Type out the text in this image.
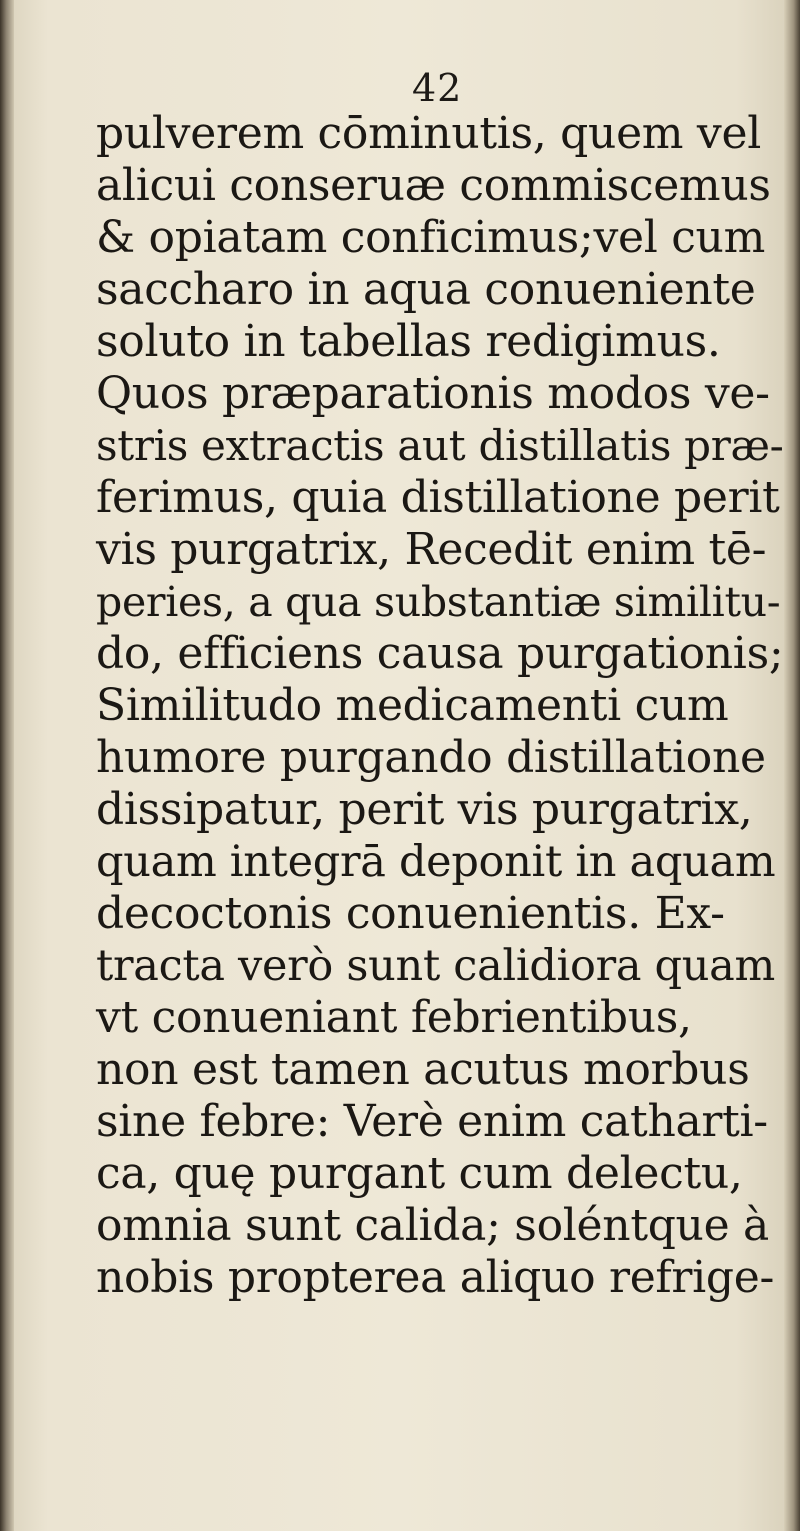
42
pulverem cōminutis, quem vel
alicui conseruæ commiscemus
& opiatam conficimus;vel cum
saccharo in aqua conueniente
soluto in tabellas redigimus.
Quos præparationis modos ve-
stris extractis aut distillatis præ-
ferimus, quia distillatione perit
vis purgatrix, Recedit enim tē-
peries, a qua substantiæ similitu-
do, efficiens causa purgationis;
Similitudo medicamenti cum
humore purgando distillatione
dissipatur, perit vis purgatrix,
quam integrā deponit in aquam
decoctonis conuenientis. Ex-
tracta verò sunt calidiora quam
vt conueniant febrientibus,
non est tamen acutus morbus
sine febre: Verè enim catharti-
ca, quę purgant cum delectu,
omnia sunt calida; soléntque à
nobis propterea aliquo refrige-
